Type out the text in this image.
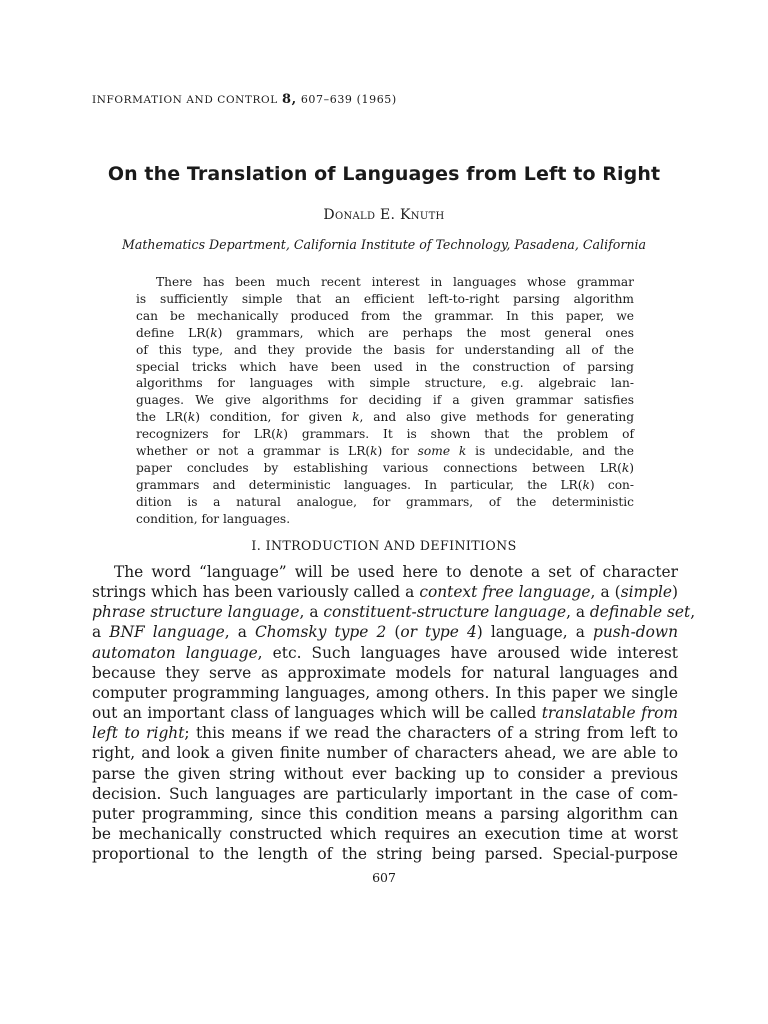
INFORMATION AND CONTROL 8, 607–639 (1965)
On the Translation of Languages from Left to Right
Donald E. Knuth
Mathematics Department, California Institute of Technology, Pasadena, California
There has been much recent interest in languages whose grammar
is sufficiently simple that an efficient left-to-right parsing algorithm
can be mechanically produced from the grammar. In this paper, we
define LR(k) grammars, which are perhaps the most general ones
of this type, and they provide the basis for understanding all of the
special tricks which have been used in the construction of parsing
algorithms for languages with simple structure, e.g. algebraic lan-
guages. We give algorithms for deciding if a given grammar satisfies
the LR(k) condition, for given k, and also give methods for generating
recognizers for LR(k) grammars. It is shown that the problem of
whether or not a grammar is LR(k) for some k is undecidable, and the
paper concludes by establishing various connections between LR(k)
grammars and deterministic languages. In particular, the LR(k) con-
dition is a natural analogue, for grammars, of the deterministic
condition, for languages.
I. INTRODUCTION AND DEFINITIONS
The word “language” will be used here to denote a set of character
strings which has been variously called a context free language, a (simple)
phrase structure language, a constituent-structure language, a definable set,
a BNF language, a Chomsky type 2 (or type 4) language, a push-down
automaton language, etc. Such languages have aroused wide interest
because they serve as approximate models for natural languages and
computer programming languages, among others. In this paper we single
out an important class of languages which will be called translatable from
left to right; this means if we read the characters of a string from left to
right, and look a given finite number of characters ahead, we are able to
parse the given string without ever backing up to consider a previous
decision. Such languages are particularly important in the case of com-
puter programming, since this condition means a parsing algorithm can
be mechanically constructed which requires an execution time at worst
proportional to the length of the string being parsed. Special-purpose
607
